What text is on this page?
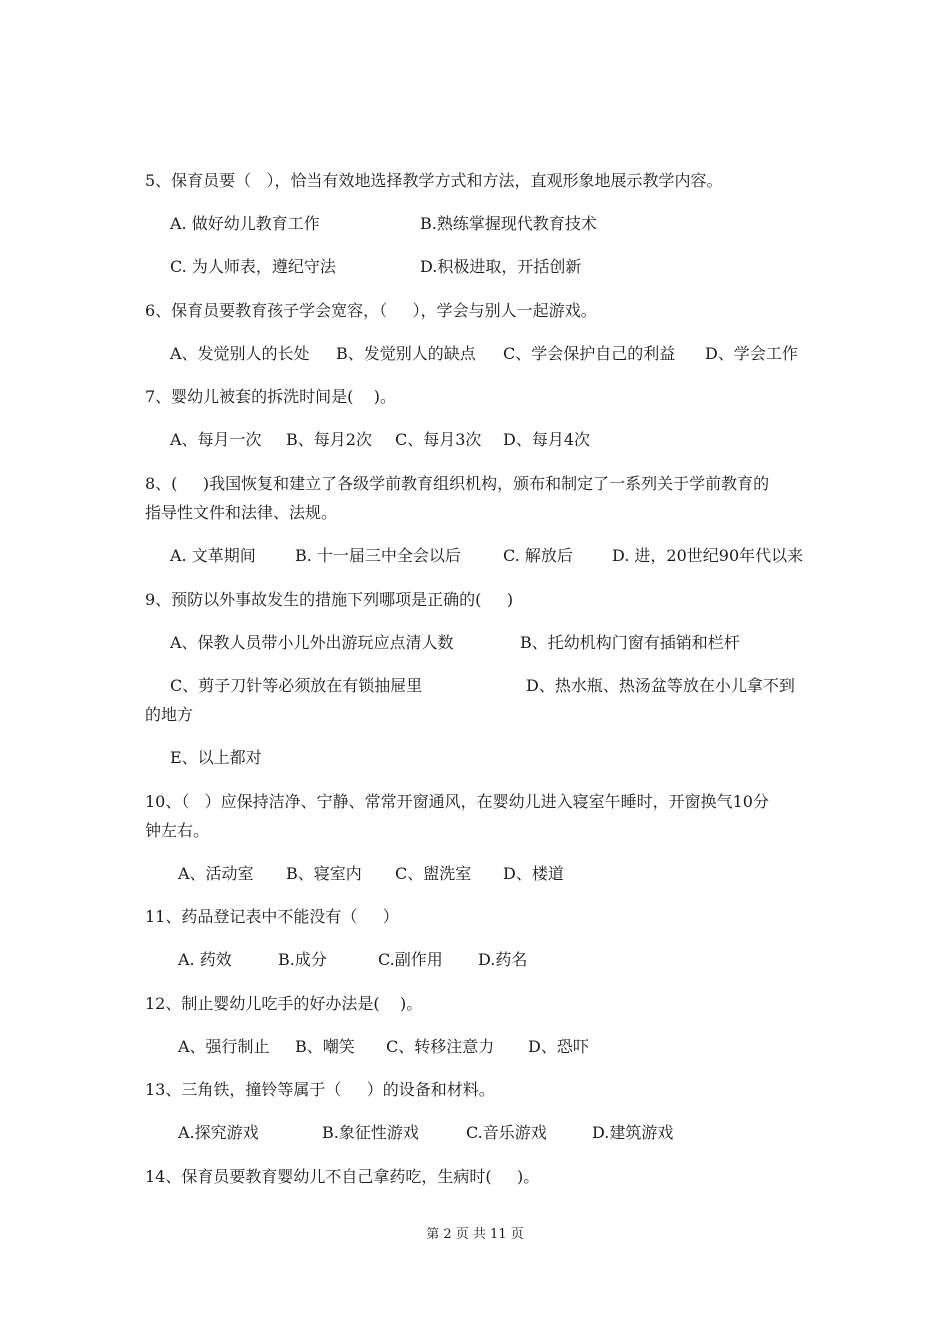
5、保育员要（   ），恰当有效地选择教学方式和方法，直观形象地展示教学内容。
A. 做好幼儿教育工作	B.熟练掌握现代教育技术
C. 为人师表，遵纪守法	D.积极进取，开括创新
6、保育员要教育孩子学会宽容，（     ），学会与别人一起游戏。
A、发觉别人的长处 B、发觉别人的缺点 C、学会保护自己的利益 D、学会工作
7、婴幼儿被套的拆洗时间是(    )。
A、每月一次 B、每月2次 C、每月3次 D、每月4次
8、(     )我国恢复和建立了各级学前教育组织机构，颁布和制定了一系列关于学前教育的
指导性文件和法律、法规。
A. 文革期间 B. 十一届三中全会以后	C. 解放后 D. 进，20世纪90年代以来
9、预防以外事故发生的措施下列哪项是正确的(     )
A、保教人员带小儿外出游玩应点清人数	B、托幼机构门窗有插销和栏杆
C、剪子刀针等必须放在有锁抽屉里	D、热水瓶、热汤盆等放在小儿拿不到
的地方
E、以上都对
10、（   ）应保持洁净、宁静、常常开窗通风，在婴幼儿进入寝室午睡时，开窗换气10分
钟左右。
A、活动室 B、寝室内 C、盥洗室 D、楼道
11、药品登记表中不能没有（     ）
A. 药效	B.成分	C.副作用 D.药名
12、制止婴幼儿吃手的好办法是(    )。
A、强行制止 B、嘲笑 C、转移注意力 D、恐吓
13、三角铁，撞铃等属于（     ）的设备和材料。
A.探究游戏	B.象征性游戏	C.音乐游戏	D.建筑游戏
14、保育员要教育婴幼儿不自己拿药吃，生病时(     )。
第 2 页 共 11 页
